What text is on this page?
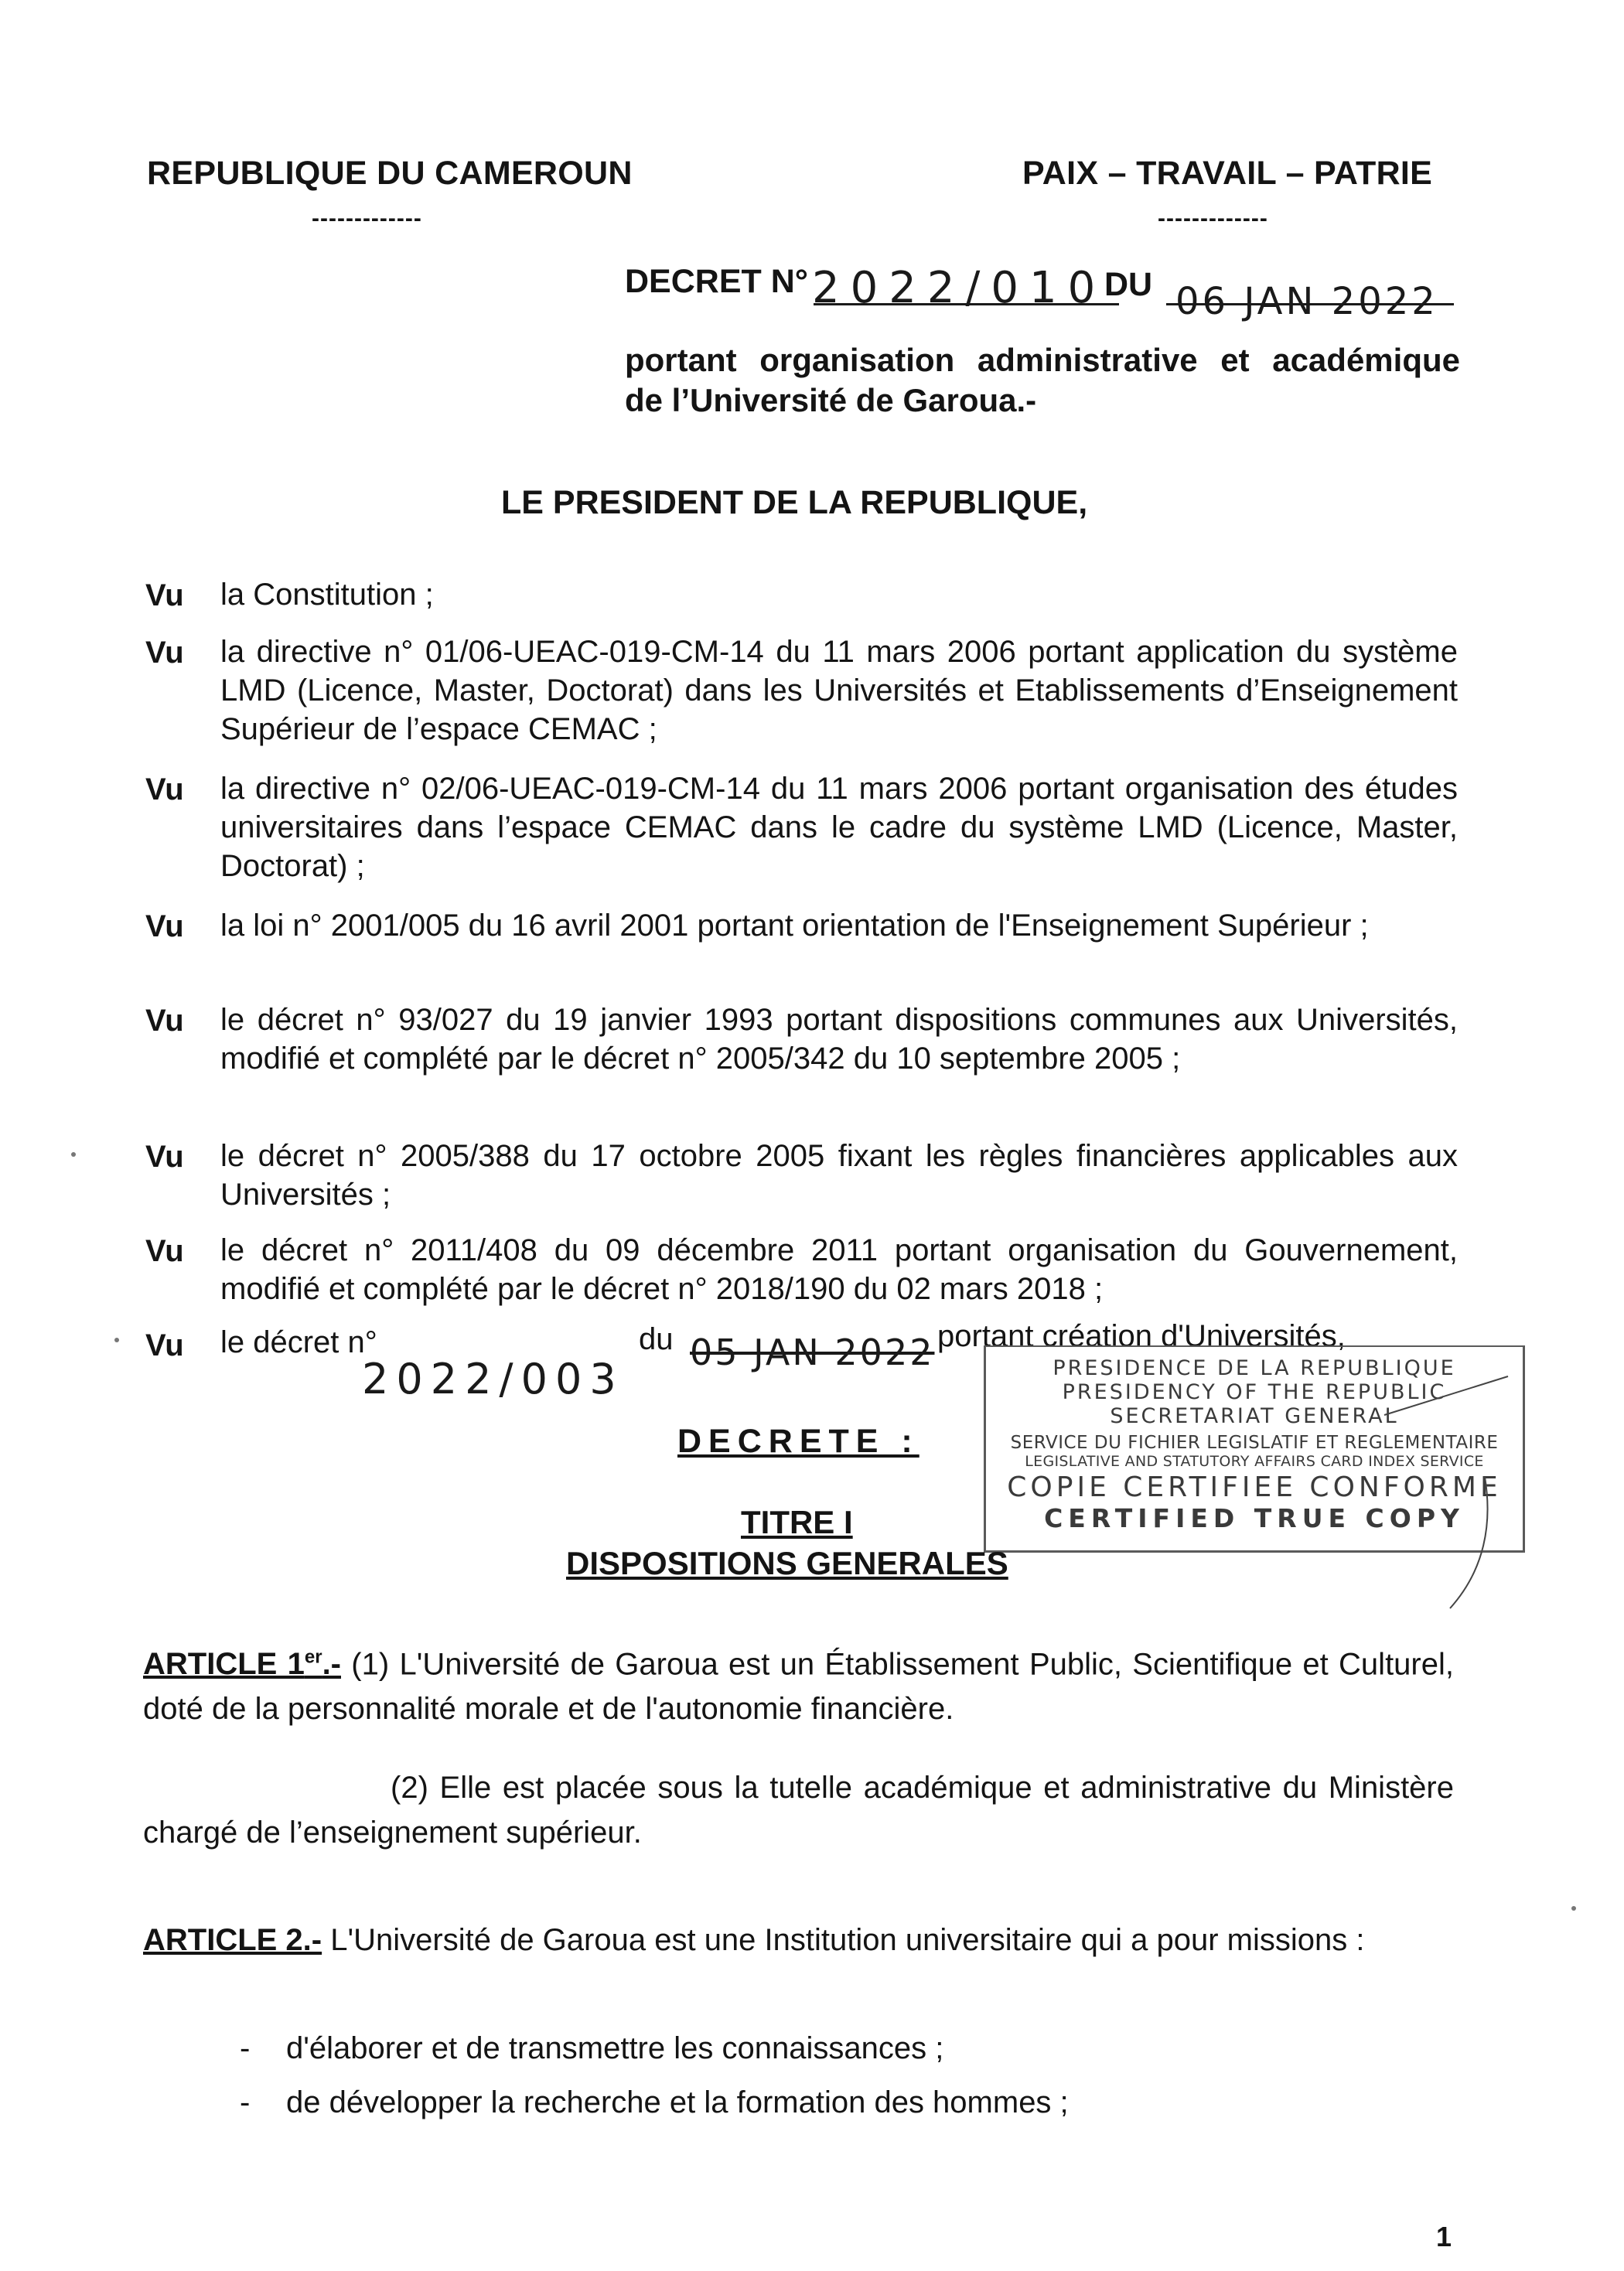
REPUBLIQUE DU CAMEROUN
-------------
PAIX – TRAVAIL – PATRIE
-------------
DECRET N° 2022/010
DU 06 JAN 2022
portant organisation administrative et académique
de l’Université de Garoua.-
LE PRESIDENT DE LA REPUBLIQUE,
Vu la Constitution ;
Vu la directive n° 01/06-UEAC-019-CM-14 du 11 mars 2006 portant application du système LMD (Licence, Master, Doctorat) dans les Universités et Etablissements d’Enseignement Supérieur de l’espace CEMAC ;
Vu la directive n° 02/06-UEAC-019-CM-14 du 11 mars 2006 portant organisation des études universitaires dans l’espace CEMAC dans le cadre du système LMD (Licence, Master, Doctorat) ;
Vu la loi n° 2001/005 du 16 avril 2001 portant orientation de l'Enseignement Supérieur ;
Vu le décret n° 93/027 du 19 janvier 1993 portant dispositions communes aux Universités, modifié et complété par le décret n° 2005/342 du 10 septembre 2005 ;
Vu le décret n° 2005/388 du 17 octobre 2005 fixant les règles financières applicables aux Universités ;
Vu le décret n° 2011/408 du 09 décembre 2011 portant organisation du Gouvernement, modifié et complété par le décret n° 2018/190 du 02 mars 2018 ;
Vu le décret n°
2022/003
du 05 JAN 2022 portant création d'Universités,
PRESIDENCE DE LA REPUBLIQUE
PRESIDENCY OF THE REPUBLIC
SECRETARIAT GENERAL
SERVICE DU FICHIER LEGISLATIF ET REGLEMENTAIRE
LEGISLATIVE AND STATUTORY AFFAIRS CARD INDEX SERVICE
COPIE CERTIFIEE CONFORME
CERTIFIED TRUE COPY
DECRETE :
TITRE I
DISPOSITIONS GENERALES
ARTICLE 1er.- (1) L'Université de Garoua est un Établissement Public, Scientifique et Culturel, doté de la personnalité morale et de l'autonomie financière.
(2) Elle est placée sous la tutelle académique et administrative du Ministère chargé de l’enseignement supérieur.
ARTICLE 2.- L'Université de Garoua est une Institution universitaire qui a pour missions :
- d'élaborer et de transmettre les connaissances ;
- de développer la recherche et la formation des hommes ;
1
